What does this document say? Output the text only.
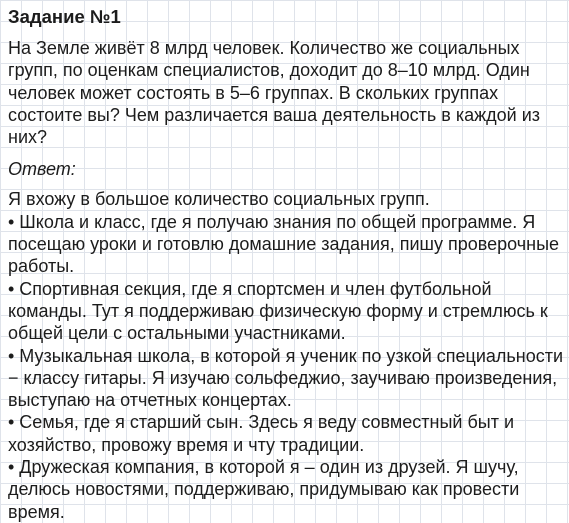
Задание №1
На Земле живёт 8 млрд человек. Количество же социальных групп, по оценкам специалистов, доходит до 8–10 млрд. Один человек может состоять в 5–6 группах. В скольких группах состоите вы? Чем различается ваша деятельность в каждой из них?
Ответ:
Я вхожу в большое количество социальных групп.
• Школа и класс, где я получаю знания по общей программе. Я посещаю уроки и готовлю домашние задания, пишу проверочные работы.
• Спортивная секция, где я спортсмен и член футбольной команды. Тут я поддерживаю физическую форму и стремлюсь к общей цели с остальными участниками.
• Музыкальная школа, в которой я ученик по узкой специальности − классу гитары. Я изучаю сольфеджио, заучиваю произведения, выступаю на отчетных концертах.
• Семья, где я старший сын. Здесь я веду совместный быт и хозяйство, провожу время и чту традиции.
• Дружеская компания, в которой я – один из друзей. Я шучу, делюсь новостями, поддерживаю, придумываю как провести время.
